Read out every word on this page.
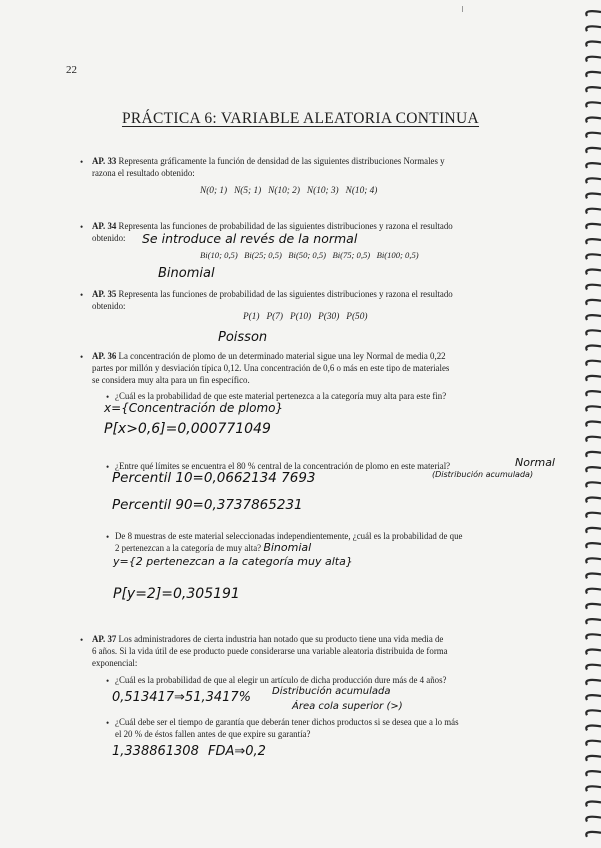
22
PRÁCTICA 6: VARIABLE ALEATORIA CONTINUA
• AP. 33 Representa gráficamente la función de densidad de las siguientes distribuciones Normales y
razona el resultado obtenido:
N(0; 1)   N(5; 1)   N(10; 2)   N(10; 3)   N(10; 4)
• AP. 34 Representa las funciones de probabilidad de las siguientes distribuciones y razona el resultado
obtenido:	Se introduce al revés de la normal
Bi(10; 0,5)   Bi(25; 0,5)   Bi(50; 0,5)   Bi(75; 0,5)   Bi(100; 0,5)
Binomial
• AP. 35 Representa las funciones de probabilidad de las siguientes distribuciones y razona el resultado
obtenido:
P(1)   P(7)   P(10)   P(30)   P(50)
Poisson
• AP. 36 La concentración de plomo de un determinado material sigue una ley Normal de media 0,22
partes por millón y desviación típica 0,12. Una concentración de 0,6 o más en este tipo de materiales
se considera muy alta para un fin específico.
• ¿Cuál es la probabilidad de que este material pertenezca a la categoría muy alta para este fin?
x={Concentración de plomo}
P[x>0,6]=0,000771049
• ¿Entre qué límites se encuentra el 80 % central de la concentración de plomo en este material?	Normal
(Distribución acumulada)
Percentil 10=0,0662134 7693
Percentil 90=0,3737865231
• De 8 muestras de este material seleccionadas independientemente, ¿cuál es la probabilidad de que
2 pertenezcan a la categoría de muy alta? Binomial
y={2 pertenezcan a la categoría muy alta}
P[y=2]=0,305191
• AP. 37 Los administradores de cierta industria han notado que su producto tiene una vida media de
6 años. Si la vida útil de ese producto puede considerarse una variable aleatoria distribuida de forma
exponencial:
• ¿Cuál es la probabilidad de que al elegir un artículo de dicha producción dure más de 4 años?
0,513417⇒51,3417% Distribución acumulada
Área cola superior (>)
• ¿Cuál debe ser el tiempo de garantía que deberán tener dichos productos si se desea que a lo más
el 20 % de éstos fallen antes de que expire su garantía?
1,338861308 FDA⇒0,2
